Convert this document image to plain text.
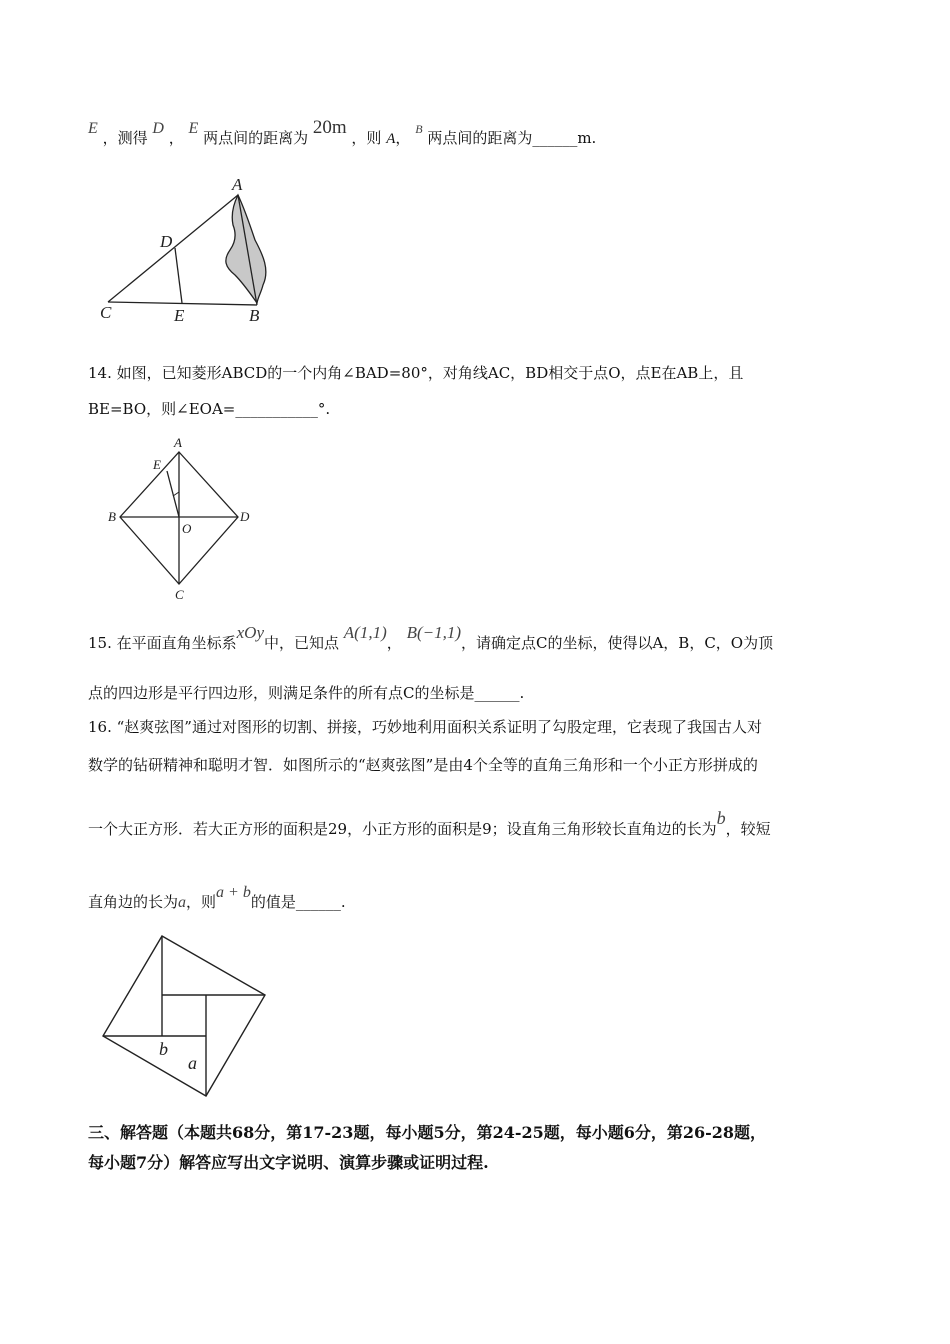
E ，测得 D ， E 两点间的距离为 20m ，则 A， $^B$ 两点间的距离为______m.
A
D
C	E	B
14. 如图，已知菱形ABCD的一个内角∠BAD=80°，对角线AC，BD相交于点O，点E在AB上，且
BE=BO，则∠EOA=___________°.
A
E
B
O
D
C
15. 在平面直角坐标系xOy中，已知点 A(1,1)， B(−1,1)，请确定点C的坐标，使得以A，B，C，O为顶
点的四边形是平行四边形，则满足条件的所有点C的坐标是______.
16. “赵爽弦图”通过对图形的切割、拼接，巧妙地利用面积关系证明了勾股定理，它表现了我国古人对
数学的钻研精神和聪明才智．如图所示的“赵爽弦图”是由4个全等的直角三角形和一个小正方形拼成的
一个大正方形．若大正方形的面积是29，小正方形的面积是9；设直角三角形较长直角边的长为b，较短
直角边的长为a，则a + b的值是______.
b
a
三、解答题（本题共68分，第17-23题，每小题5分，第24-25题，每小题6分，第26-28题，
每小题7分）解答应写出文字说明、演算步骤或证明过程.
